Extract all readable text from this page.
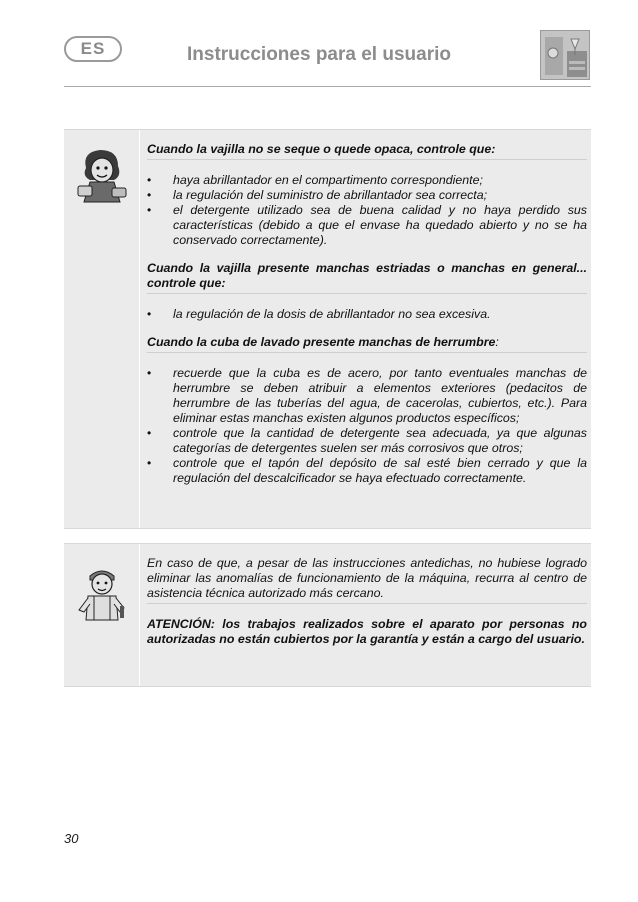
ES	Instrucciones para el usuario

Cuando la vajilla no se seque o quede opaca, controle que:

• haya abrillantador en el compartimento correspondiente;
• la regulación del suministro de abrillantador sea correcta;
• el detergente utilizado sea de buena calidad y no haya perdido sus características (debido a que el envase ha quedado abierto y no se ha conservado correctamente).

Cuando la vajilla presente manchas estriadas o manchas en general... controle que:

• la regulación de la dosis de abrillantador no sea excesiva.

Cuando la cuba de lavado presente manchas de herrumbre:

• recuerde que la cuba es de acero, por tanto eventuales manchas de herrumbre se deben atribuir a elementos exteriores (pedacitos de herrumbre de las tuberías del agua, de cacerolas, cubiertos, etc.). Para eliminar estas manchas existen algunos productos específicos;
• controle que la cantidad de detergente sea adecuada, ya que algunas categorías de detergentes suelen ser más corrosivos que otros;
• controle que el tapón del depósito de sal esté bien cerrado y que la regulación del descalcificador se haya efectuado correctamente.

En caso de que, a pesar de las instrucciones antedichas, no hubiese logrado eliminar las anomalías de funcionamiento de la máquina, recurra al centro de asistencia técnica autorizado más cercano.

ATENCIÓN: los trabajos realizados sobre el aparato por personas no autorizadas no están cubiertos por la garantía y están a cargo del usuario.

30
